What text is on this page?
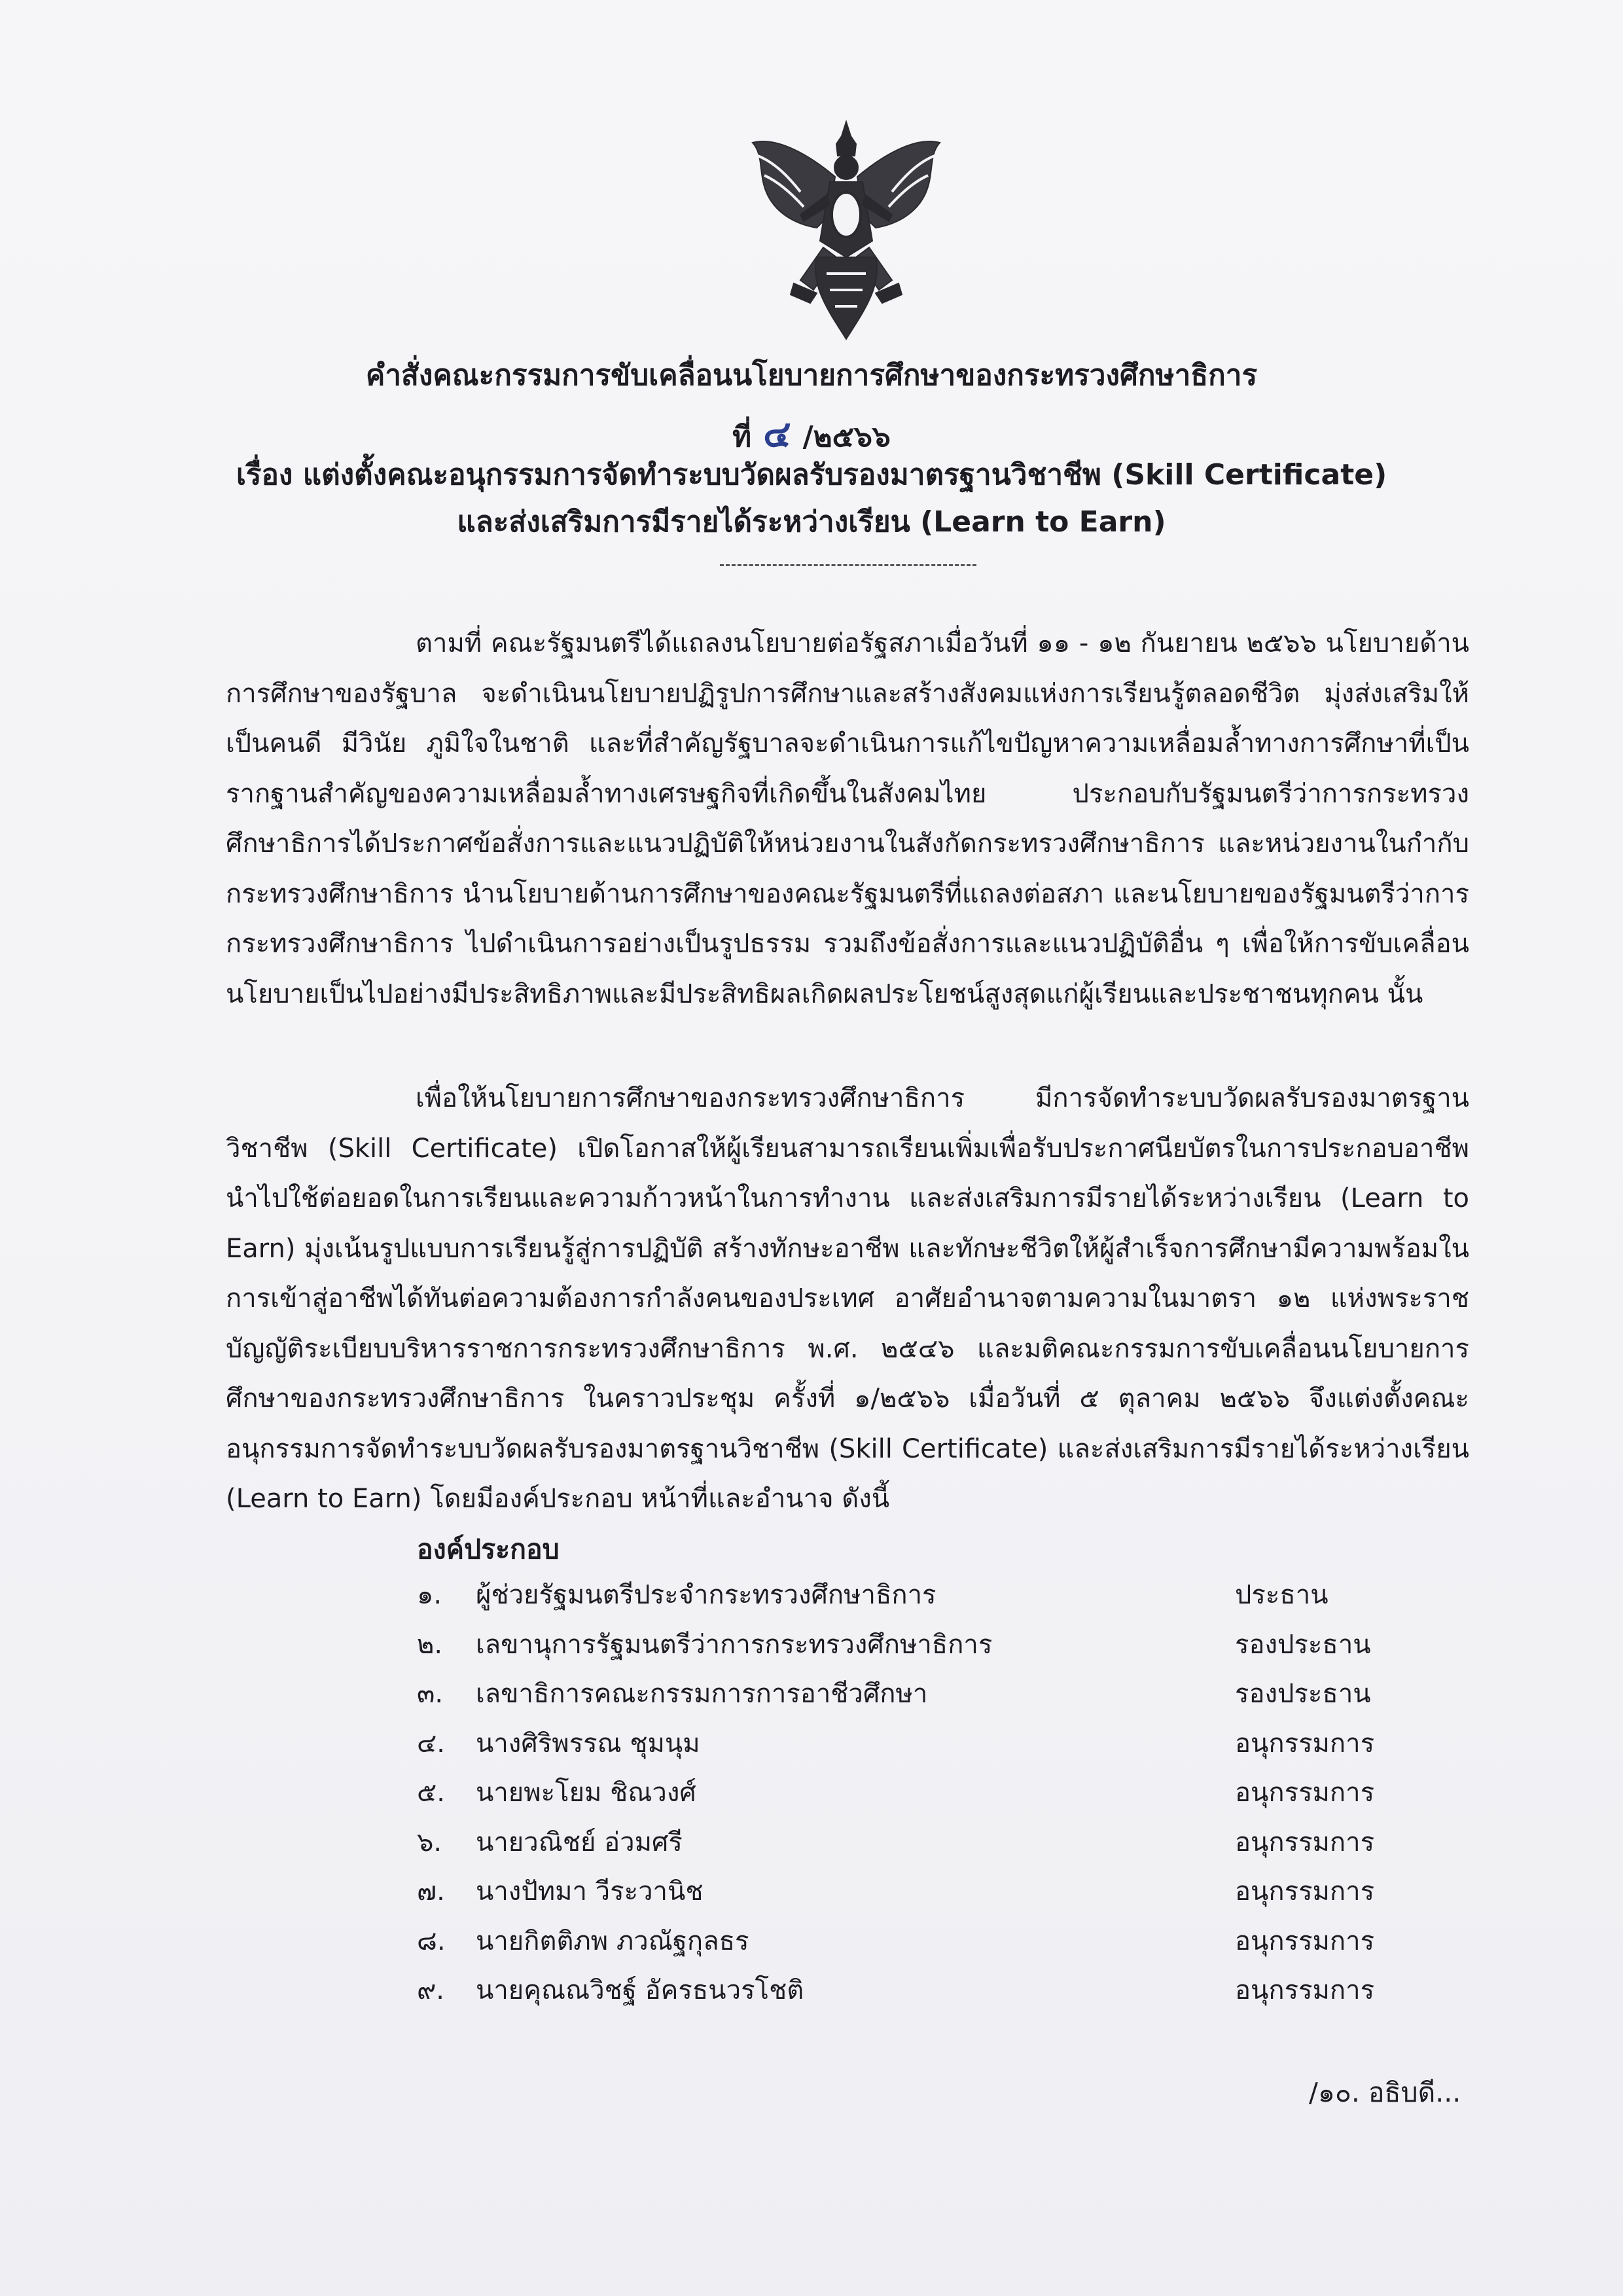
คำสั่งคณะกรรมการขับเคลื่อนนโยบายการศึกษาของกระทรวงศึกษาธิการ
ที่ ๔ /๒๕๖๖
เรื่อง แต่งตั้งคณะอนุกรรมการจัดทำระบบวัดผลรับรองมาตรฐานวิชาชีพ (Skill Certificate)
และส่งเสริมการมีรายได้ระหว่างเรียน (Learn to Earn)
ตามที่ คณะรัฐมนตรีได้แถลงนโยบายต่อรัฐสภาเมื่อวันที่ ๑๑ - ๑๒ กันยายน ๒๕๖๖ นโยบายด้านการศึกษาของรัฐบาล จะดำเนินนโยบายปฏิรูปการศึกษาและสร้างสังคมแห่งการเรียนรู้ตลอดชีวิต มุ่งส่งเสริมให้เป็นคนดี มีวินัย ภูมิใจในชาติ และที่สำคัญรัฐบาลจะดำเนินการแก้ไขปัญหาความเหลื่อมล้ำทางการศึกษาที่เป็นรากฐานสำคัญของความเหลื่อมล้ำทางเศรษฐกิจที่เกิดขึ้นในสังคมไทย ประกอบกับรัฐมนตรีว่าการกระทรวงศึกษาธิการได้ประกาศข้อสั่งการและแนวปฏิบัติให้หน่วยงานในสังกัดกระทรวงศึกษาธิการ และหน่วยงานในกำกับกระทรวงศึกษาธิการ นำนโยบายด้านการศึกษาของคณะรัฐมนตรีที่แถลงต่อสภา และนโยบายของรัฐมนตรีว่าการกระทรวงศึกษาธิการ ไปดำเนินการอย่างเป็นรูปธรรม รวมถึงข้อสั่งการและแนวปฏิบัติอื่น ๆ เพื่อให้การขับเคลื่อนนโยบายเป็นไปอย่างมีประสิทธิภาพและมีประสิทธิผลเกิดผลประโยชน์สูงสุดแก่ผู้เรียนและประชาชนทุกคน นั้น
เพื่อให้นโยบายการศึกษาของกระทรวงศึกษาธิการ มีการจัดทำระบบวัดผลรับรองมาตรฐานวิชาชีพ (Skill Certificate) เปิดโอกาสให้ผู้เรียนสามารถเรียนเพิ่มเพื่อรับประกาศนียบัตรในการประกอบอาชีพ นำไปใช้ต่อยอดในการเรียนและความก้าวหน้าในการทำงาน และส่งเสริมการมีรายได้ระหว่างเรียน (Learn to Earn) มุ่งเน้นรูปแบบการเรียนรู้สู่การปฏิบัติ สร้างทักษะอาชีพ และทักษะชีวิตให้ผู้สำเร็จการศึกษามีความพร้อมในการเข้าสู่อาชีพได้ทันต่อความต้องการกำลังคนของประเทศ อาศัยอำนาจตามความในมาตรา ๑๒ แห่งพระราชบัญญัติระเบียบบริหารราชการกระทรวงศึกษาธิการ พ.ศ. ๒๕๔๖ และมติคณะกรรมการขับเคลื่อนนโยบายการศึกษาของกระทรวงศึกษาธิการ ในคราวประชุม ครั้งที่ ๑/๒๕๖๖ เมื่อวันที่ ๕ ตุลาคม ๒๕๖๖ จึงแต่งตั้งคณะอนุกรรมการจัดทำระบบวัดผลรับรองมาตรฐานวิชาชีพ (Skill Certificate) และส่งเสริมการมีรายได้ระหว่างเรียน (Learn to Earn) โดยมีองค์ประกอบ หน้าที่และอำนาจ ดังนี้
องค์ประกอบ
๑. ผู้ช่วยรัฐมนตรีประจำกระทรวงศึกษาธิการ	ประธาน
๒. เลขานุการรัฐมนตรีว่าการกระทรวงศึกษาธิการ	รองประธาน
๓. เลขาธิการคณะกรรมการการอาชีวศึกษา	รองประธาน
๔. นางศิริพรรณ ชุมนุม	อนุกรรมการ
๕. นายพะโยม ชิณวงศ์	อนุกรรมการ
๖. นายวณิชย์ อ่วมศรี	อนุกรรมการ
๗. นางปัทมา วีระวานิช	อนุกรรมการ
๘. นายกิตติภพ ภวณัฐกุลธร	อนุกรรมการ
๙. นายคุณณวิชฐ์ อัครธนวรโชติ	อนุกรรมการ
/๑๐. อธิบดี...
